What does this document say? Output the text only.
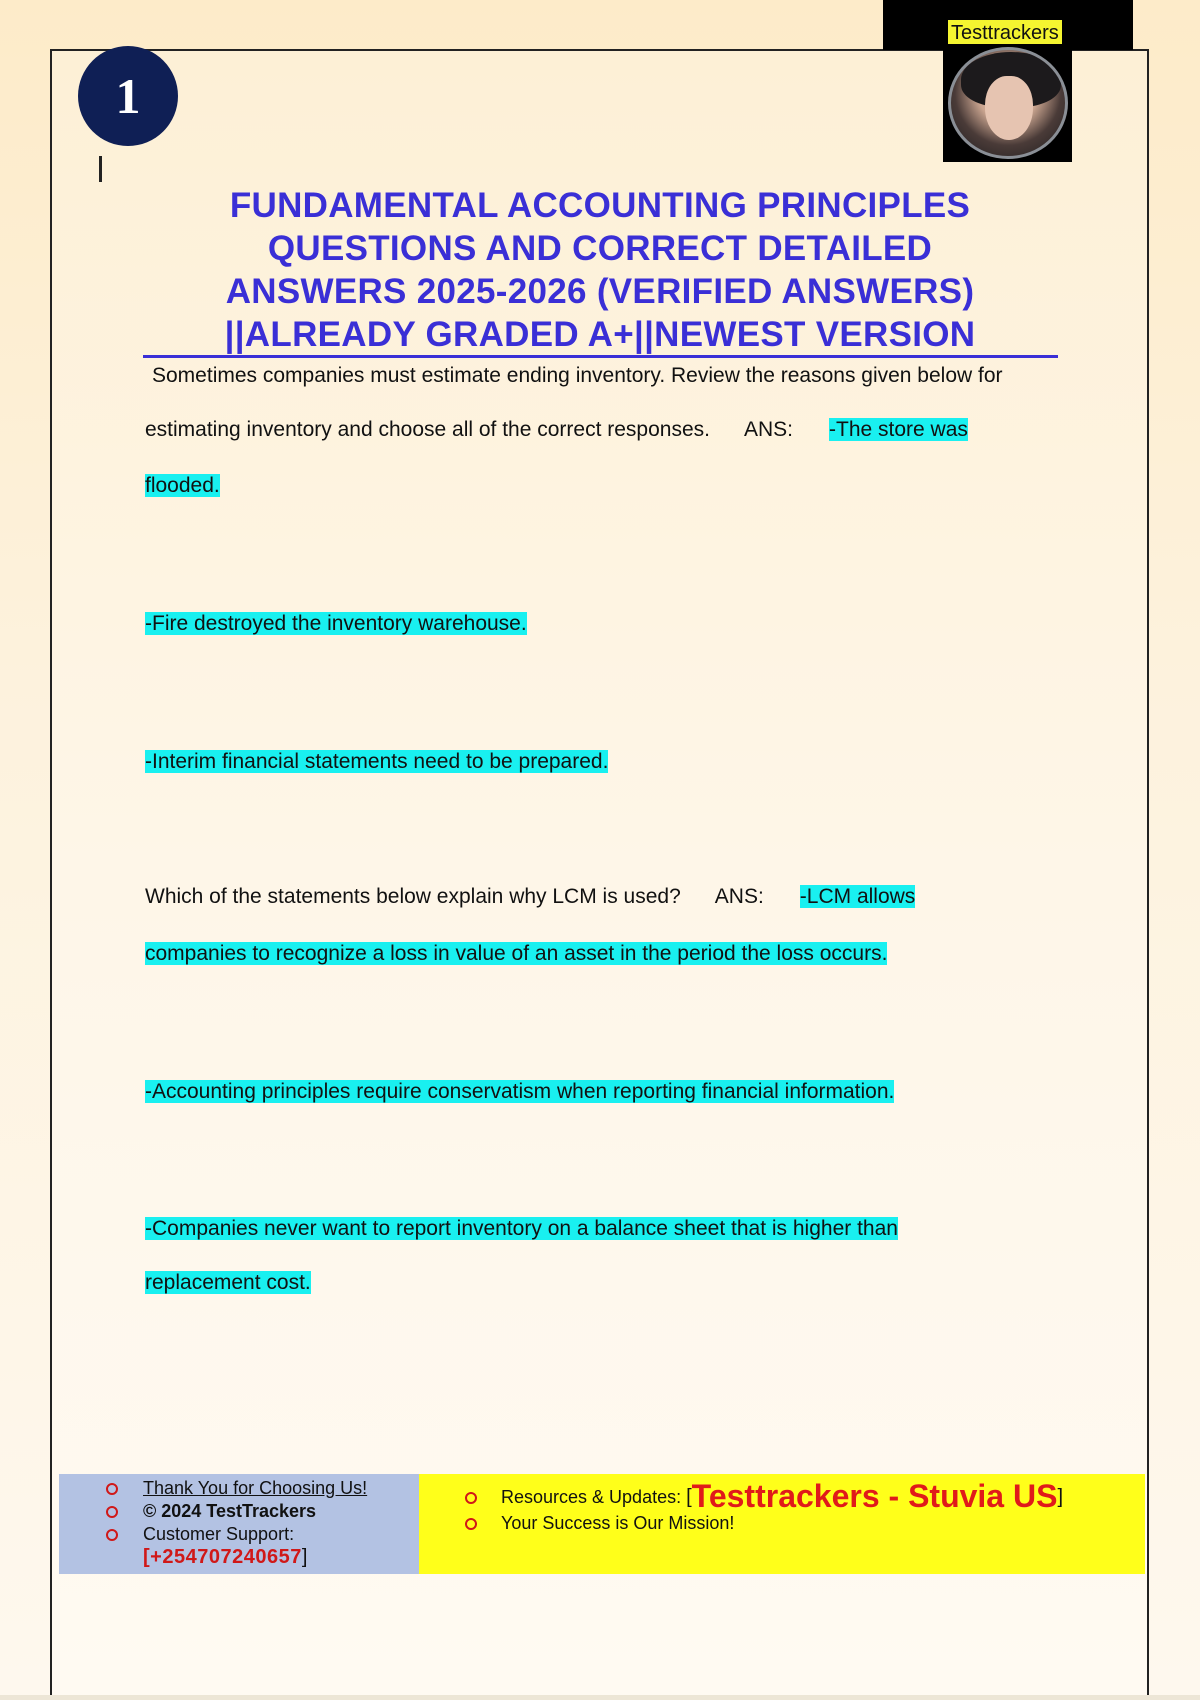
Testtrackers
1
FUNDAMENTAL ACCOUNTING PRINCIPLES
QUESTIONS AND CORRECT DETAILED
ANSWERS 2025-2026 (VERIFIED ANSWERS)
||ALREADY GRADED A+||NEWEST VERSION
Sometimes companies must estimate ending inventory. Review the reasons given below for
estimating inventory and choose all of the correct responses. ANS: -The store was
flooded.
-Fire destroyed the inventory warehouse.
-Interim financial statements need to be prepared.
Which of the statements below explain why LCM is used? ANS: -LCM allows
companies to recognize a loss in value of an asset in the period the loss occurs.
-Accounting principles require conservatism when reporting financial information.
-Companies never want to report inventory on a balance sheet that is higher than
replacement cost.
Thank You for Choosing Us!
© 2024 TestTrackers
Customer Support:
[+254707240657]
Resources & Updates: [Testtrackers - Stuvia US]
Your Success is Our Mission!
